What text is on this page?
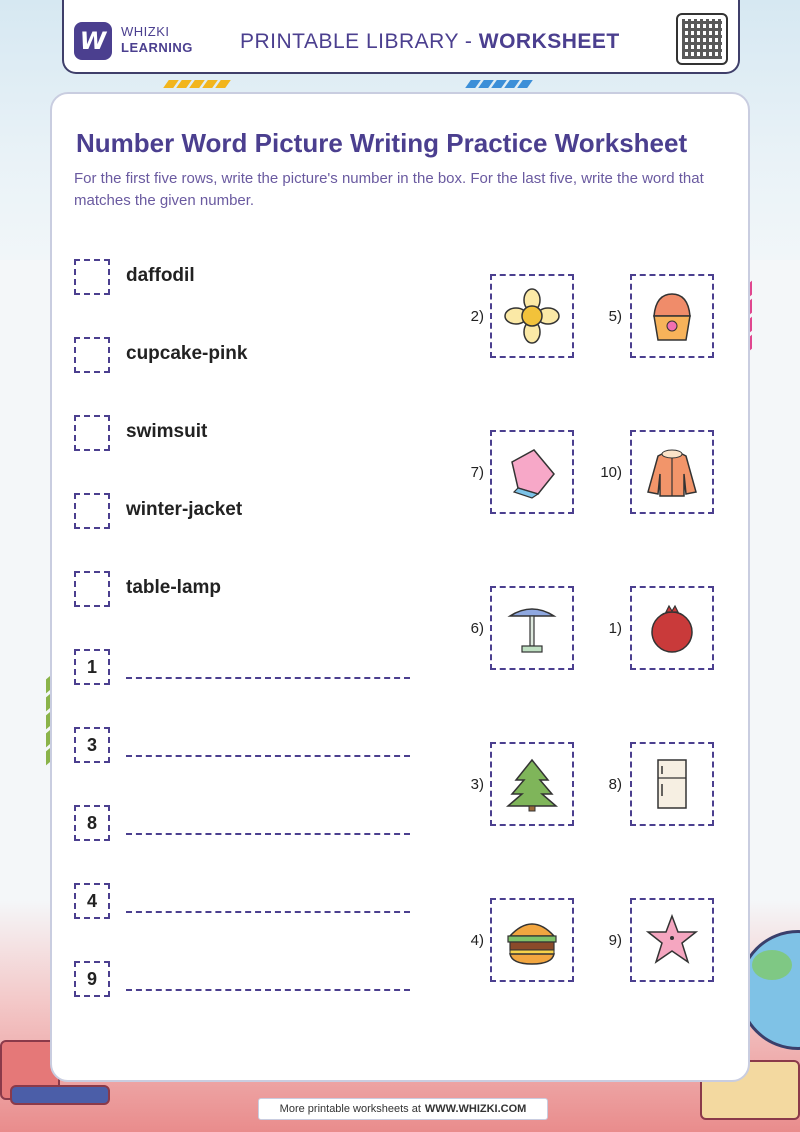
W WHIZKI
LEARNING PRINTABLE LIBRARY - WORKSHEET
Number Word Picture Writing Practice Worksheet
For the first five rows, write the picture's number in the box. For the last five, write the word that matches the given number.
daffodil
cupcake-pink
swimsuit
winter-jacket
table-lamp
1
3
8
4
9
2)	5)
7)	10)
6)	1)
3)	8)
4)	9)
More printable worksheets at WWW.WHIZKI.COM
